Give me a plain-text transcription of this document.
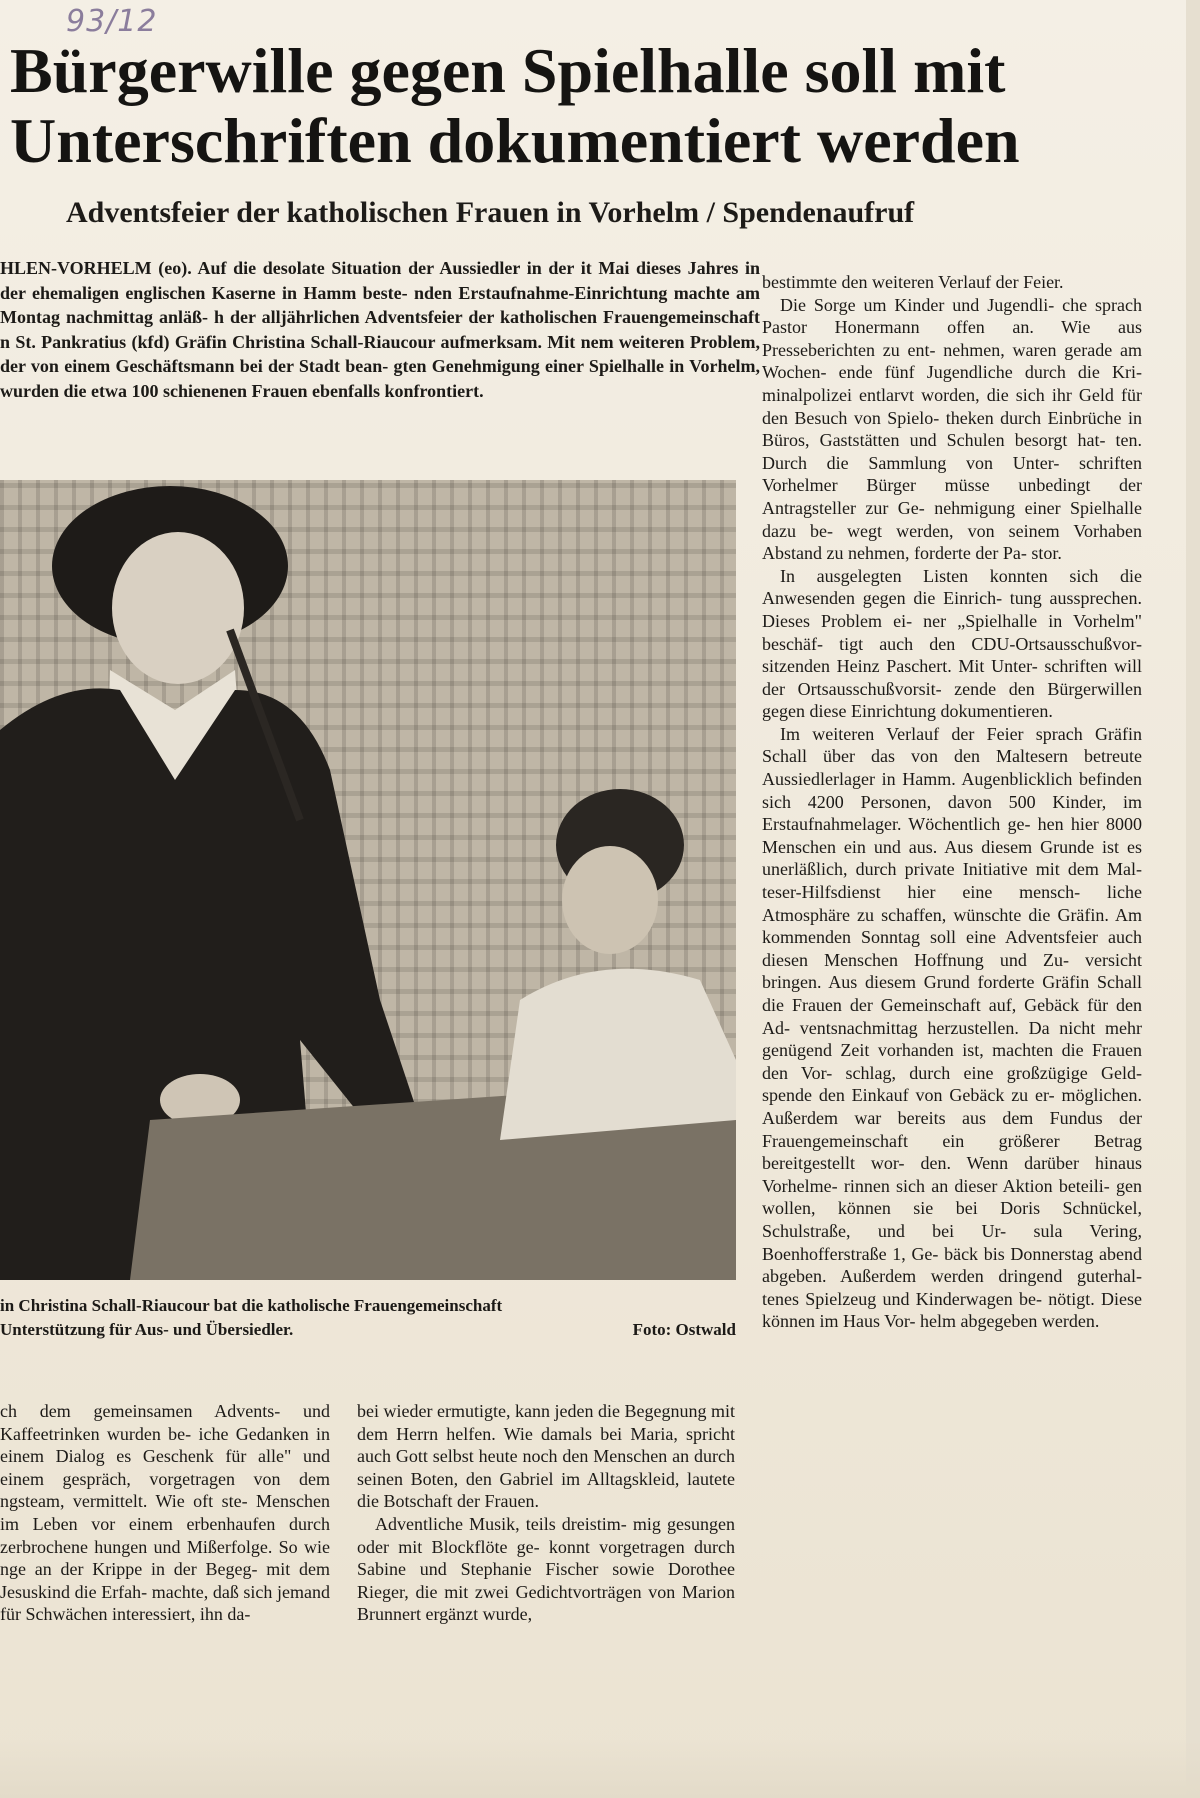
93/12
Bürgerwille gegen Spielhalle soll mit
Unterschriften dokumentiert werden
Adventsfeier der katholischen Frauen in Vorhelm / Spendenaufruf

HLEN-VORHELM (eo). Auf die desolate Situation der Aussiedler in der it Mai dieses Jahres in der ehemaligen englischen Kaserne in Hamm beste- nden Erstaufnahme-Einrichtung machte am Montag nachmittag anläß- h der alljährlichen Adventsfeier der katholischen Frauengemeinschaft n St. Pankratius (kfd) Gräfin Christina Schall-Riaucour aufmerksam. Mit nem weiteren Problem, der von einem Geschäftsmann bei der Stadt bean- gten Genehmigung einer Spielhalle in Vorhelm, wurden die etwa 100 schienenen Frauen ebenfalls konfrontiert.

in Christina Schall-Riaucour bat die katholische Frauengemeinschaft
Unterstützung für Aus- und Übersiedler.	Foto: Ostwald

ch dem gemeinsamen Advents- und Kaffeetrinken wurden be- iche Gedanken in einem Dialog es Geschenk für alle" und einem gespräch, vorgetragen von dem ngsteam, vermittelt. Wie oft ste- Menschen im Leben vor einem erbenhaufen durch zerbrochene hungen und Mißerfolge. So wie nge an der Krippe in der Begeg- mit dem Jesuskind die Erfah- machte, daß sich jemand für Schwächen interessiert, ihn da-

bei wieder ermutigte, kann jeden die Begegnung mit dem Herrn helfen. Wie damals bei Maria, spricht auch Gott selbst heute noch den Menschen an durch seinen Boten, den Gabriel im Alltagskleid, lautete die Botschaft der Frauen.

Adventliche Musik, teils dreistim- mig gesungen oder mit Blockflöte ge- konnt vorgetragen durch Sabine und Stephanie Fischer sowie Dorothee Rieger, die mit zwei Gedichtvorträgen von Marion Brunnert ergänzt wurde,

bestimmte den weiteren Verlauf der Feier.

Die Sorge um Kinder und Jugendli- che sprach Pastor Honermann offen an. Wie aus Presseberichten zu ent- nehmen, waren gerade am Wochen- ende fünf Jugendliche durch die Kri- minalpolizei entlarvt worden, die sich ihr Geld für den Besuch von Spielo- theken durch Einbrüche in Büros, Gaststätten und Schulen besorgt hat- ten. Durch die Sammlung von Unter- schriften Vorhelmer Bürger müsse unbedingt der Antragsteller zur Ge- nehmigung einer Spielhalle dazu be- wegt werden, von seinem Vorhaben Abstand zu nehmen, forderte der Pa- stor.

In ausgelegten Listen konnten sich die Anwesenden gegen die Einrich- tung aussprechen. Dieses Problem ei- ner „Spielhalle in Vorhelm" beschäf- tigt auch den CDU-Ortsausschußvor- sitzenden Heinz Paschert. Mit Unter- schriften will der Ortsausschußvorsit- zende den Bürgerwillen gegen diese Einrichtung dokumentieren.

Im weiteren Verlauf der Feier sprach Gräfin Schall über das von den Maltesern betreute Aussiedlerlager in Hamm. Augenblicklich befinden sich 4200 Personen, davon 500 Kinder, im Erstaufnahmelager. Wöchentlich ge- hen hier 8000 Menschen ein und aus. Aus diesem Grunde ist es unerläßlich, durch private Initiative mit dem Mal- teser-Hilfsdienst hier eine mensch- liche Atmosphäre zu schaffen, wünschte die Gräfin. Am kommenden Sonntag soll eine Adventsfeier auch diesen Menschen Hoffnung und Zu- versicht bringen. Aus diesem Grund forderte Gräfin Schall die Frauen der Gemeinschaft auf, Gebäck für den Ad- ventsnachmittag herzustellen. Da nicht mehr genügend Zeit vorhanden ist, machten die Frauen den Vor- schlag, durch eine großzügige Geld- spende den Einkauf von Gebäck zu er- möglichen. Außerdem war bereits aus dem Fundus der Frauengemeinschaft ein größerer Betrag bereitgestellt wor- den. Wenn darüber hinaus Vorhelme- rinnen sich an dieser Aktion beteili- gen wollen, können sie bei Doris Schnückel, Schulstraße, und bei Ur- sula Vering, Boenhofferstraße 1, Ge- bäck bis Donnerstag abend abgeben. Außerdem werden dringend guterhal- tenes Spielzeug und Kinderwagen be- nötigt. Diese können im Haus Vor- helm abgegeben werden.
